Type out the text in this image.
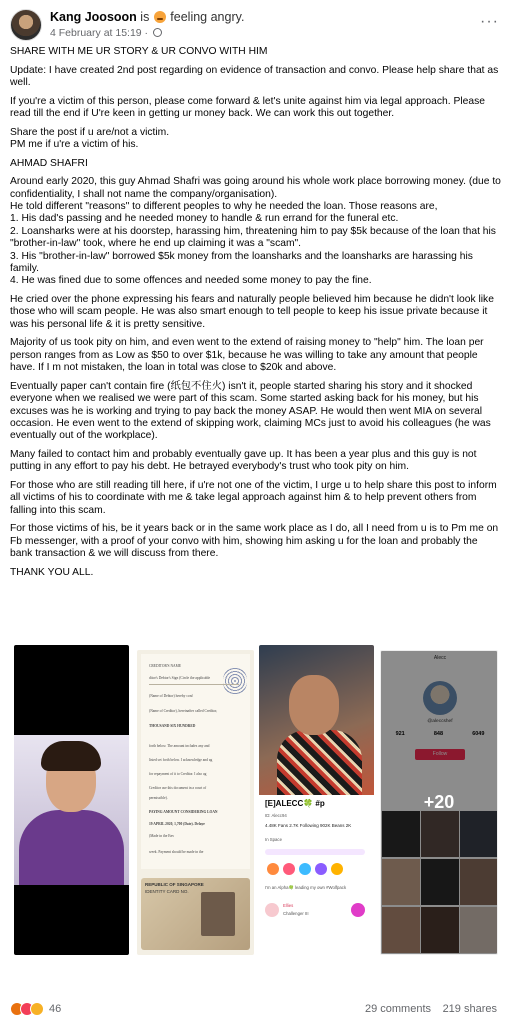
Kang Joosoon is feeling angry.
4 February at 15:19 ·
···

SHARE WITH ME UR STORY & UR CONVO WITH HIM

Update: I have created 2nd post regarding on evidence of transaction and convo. Please help share that as well.

If you're a victim of this person, please come forward & let's unite against him via legal approach. Please read till the end if U're keen in getting ur money back. We can work this out together.

Share the post if u are/not a victim.
PM me if u're a victim of his.

AHMAD SHAFRI

Around early 2020, this guy Ahmad Shafri was going around his whole work place borrowing money. (due to confidentiality, I shall not name the company/organisation).
He told different "reasons" to different peoples to why he needed the loan. Those reasons are,
1. His dad's passing and he needed money to handle & run errand for the funeral etc.
2. Loansharks were at his doorstep, harassing him, threatening him to pay $5k because of the loan that his "brother-in-law" took, where he end up claiming it was a "scam".
3. His "brother-in-law" borrowed $5k money from the loansharks and the loansharks are harassing his family.
4. He was fined due to some offences and needed some money to pay the fine.

He cried over the phone expressing his fears and naturally people believed him because he didn't look like those who will scam people. He was also smart enough to tell people to keep his issue private because it was his personal life & it is pretty sensitive.

Majority of us took pity on him, and even went to the extend of raising money to "help" him. The loan per person ranges from as Low as $50 to over $1k, because he was willing to take any amount that people have. If I m not mistaken, the loan in total was close to $20k and above.

Eventually paper can't contain fire (纸包不住火) isn't it, people started sharing his story and it shocked everyone when we realised we were part of this scam. Some started asking back for his money, but his excuses was he is working and trying to pay back the money ASAP. He would then went MIA on several occasion. He even went to the extend of skipping work, claiming MCs just to avoid his colleagues (he was eventually out of the workplace).

Many failed to contact him and probably eventually gave up. It has been a year plus and this guy is not putting in any effort to pay his debt. He betrayed everybody's trust who took pity on him.

For those who are still reading till here, if u're not one of the victim, I urge u to help share this post to inform all victims of his to coordinate with me & take legal approach against him & to help prevent others from falling into this scam.

For those victims of his, be it years back or in the same work place as I do, all I need from u is to Pm me on Fb messenger, with a proof of your convo with him, showing him asking u for the loan and probably the bank transaction & we will discuss from there.

THANK YOU ALL.

CREDITOR'S NAME
ditor's Debtor's Sign (Circle the applicable
(Name of Debtor) hereby conf
(Name of Creditor), hereinafter called Creditor,
THOUSAND SIX HUNDRED
forth below. The amount includes any and
listed set forth below. I acknowledge and ag
for repayment of it to Creditor. I also ag
Creditor use this document in a court of
permissible).
PAYING AMOUNT CONSIDERING LOAN
19 APRIL 2020, 1,700 (Date). Delaye
(Made in the Env
week. Payment should be made in the
REPUBLIC OF SINGAPORE
IDENTITY CARD NO.
[E]ALECC🍀 #p
ID: Alecc94
4.48K Fans 2.7K Following 902K Beans 2K
In Space
I'm an Alpha🍀 leading my own #Wolfpack
Ellies
Challenger III
Alecc
@aleccshef
921	848	6049
Follow
+20
46	29 comments 219 shares
